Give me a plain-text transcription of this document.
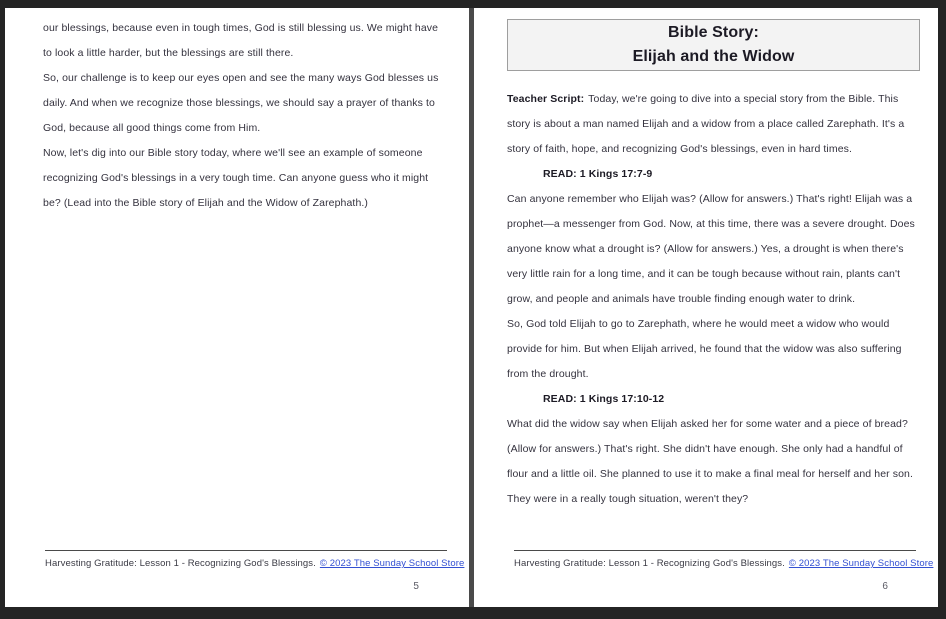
our blessings, because even in tough times, God is still blessing us. We might have to look a little harder, but the blessings are still there.

So, our challenge is to keep our eyes open and see the many ways God blesses us daily. And when we recognize those blessings, we should say a prayer of thanks to God, because all good things come from Him.

Now, let's dig into our Bible story today, where we'll see an example of someone recognizing God's blessings in a very tough time. Can anyone guess who it might be? (Lead into the Bible story of Elijah and the Widow of Zarephath.)

Harvesting Gratitude: Lesson 1 - Recognizing God's Blessings. © 2023 The Sunday School Store
5
Bible Story:
Elijah and the Widow

Teacher Script: Today, we're going to dive into a special story from the Bible. This story is about a man named Elijah and a widow from a place called Zarephath. It's a story of faith, hope, and recognizing God's blessings, even in hard times.

READ: 1 Kings 17:7-9

Can anyone remember who Elijah was? (Allow for answers.) That's right! Elijah was a prophet—a messenger from God. Now, at this time, there was a severe drought. Does anyone know what a drought is? (Allow for answers.) Yes, a drought is when there's very little rain for a long time, and it can be tough because without rain, plants can't grow, and people and animals have trouble finding enough water to drink.

So, God told Elijah to go to Zarephath, where he would meet a widow who would provide for him. But when Elijah arrived, he found that the widow was also suffering from the drought.

READ: 1 Kings 17:10-12

What did the widow say when Elijah asked her for some water and a piece of bread? (Allow for answers.) That's right. She didn't have enough. She only had a handful of flour and a little oil. She planned to use it to make a final meal for herself and her son. They were in a really tough situation, weren't they?

Harvesting Gratitude: Lesson 1 - Recognizing God's Blessings. © 2023 The Sunday School Store
6
